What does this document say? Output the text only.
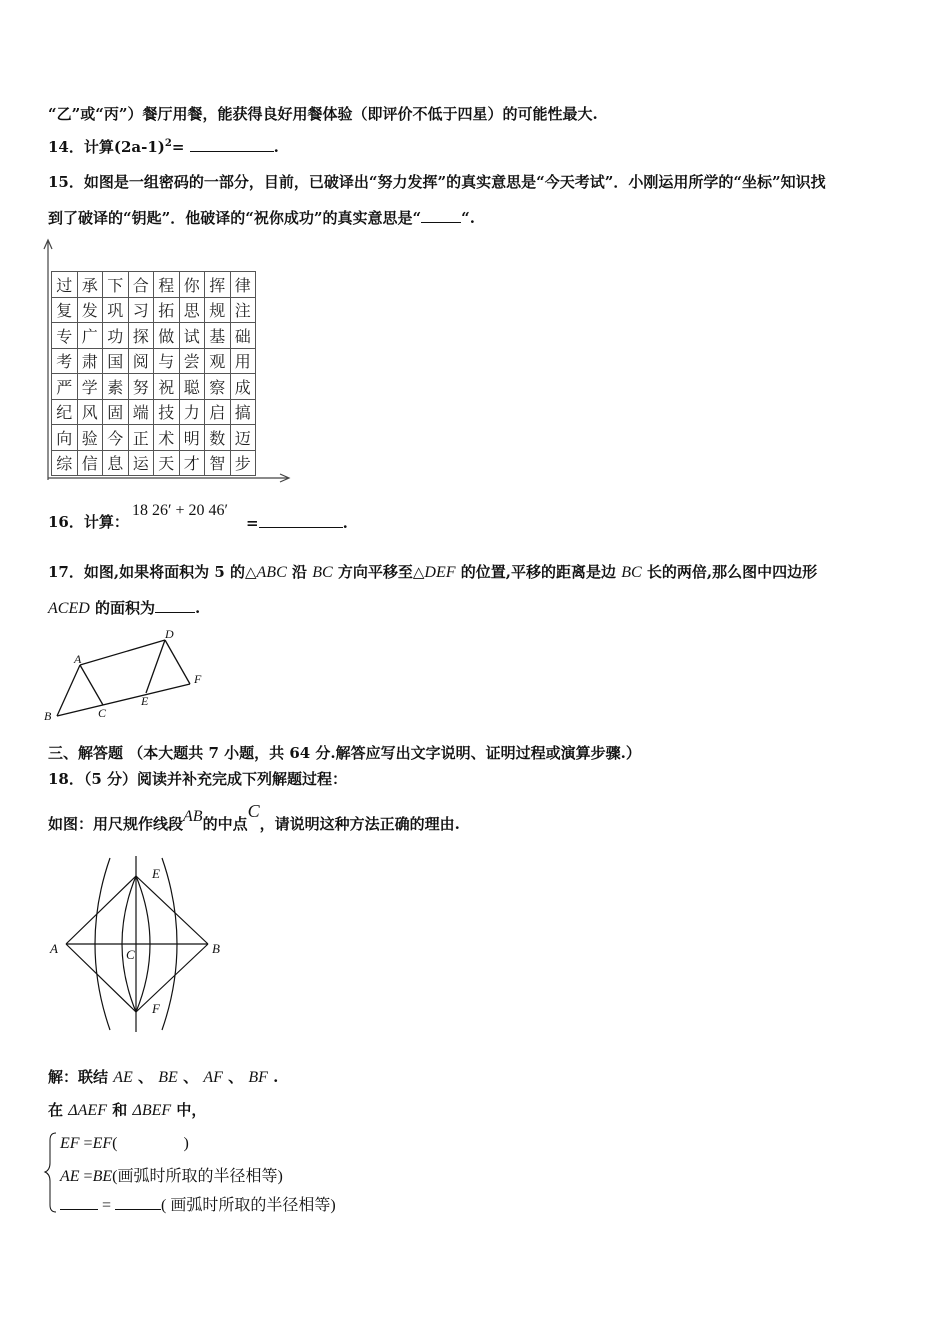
“乙”或“丙”）餐厅用餐，能获得良好用餐体验（即评价不低于四星）的可能性最大.
14．计算$(2a-1)^2=$	.
15．如图是一组密码的一部分，目前，已破译出“努力发挥”的真实意思是“今天考试”．小刚运用所学的“坐标”知识找
到了破译的“钥匙”．他破译的“祝你成功”的真实意思是“	“.
过	承	下	合	程	你	挥	律
复	发	巩	习	拓	思	规	注
专	广	功	探	做	试	基	础
考	肃	国	阅	与	尝	观	用
严	学	素	努	祝	聪	察	成
纪	风	固	端	技	力	启	搞
向	验	今	正	术	明	数	迈
综	信	息	运	天	才	智	步
16．计算：
18 26′ + 20 46′
=	.
17．如图,如果将面积为 5 的△ABC 沿 BC 方向平移至△DEF 的位置,平移的距离是边 BC 长的两倍,那么图中四边形
ACED 的面积为	.
A
B	C
D
E
F
三、解答题 （本大题共 7 小题，共 64 分.解答应写出文字说明、证明过程或演算步骤.）
18．（5 分）阅读并补充完成下列解题过程：
如图：用尺规作线段AB的中点C，请说明这种方法正确的理由.
A	B
C
E
F
解：联结 AE 、 BE 、 AF 、 BF .
在 ΔAEF 和 ΔBEF 中，
EF =EF(	)
AE =BE(画弧时所取的半径相等)
=	( 画弧时所取的半径相等)
